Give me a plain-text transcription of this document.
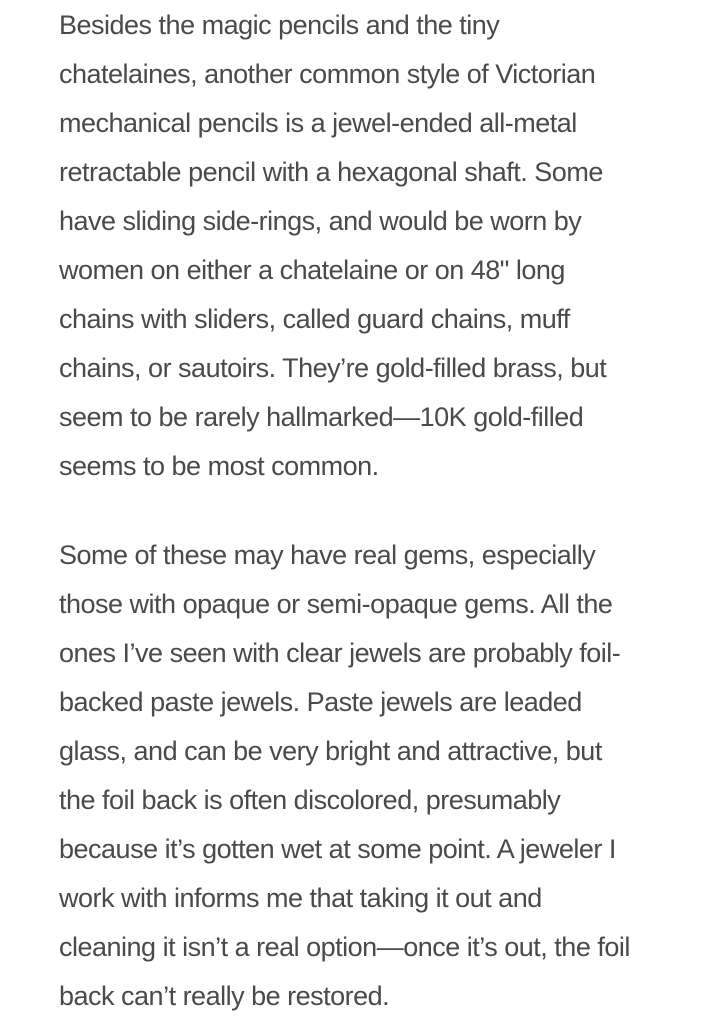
Besides the magic pencils and the tiny
chatelaines, another common style of Victorian
mechanical pencils is a jewel-ended all-metal
retractable pencil with a hexagonal shaft. Some
have sliding side-rings, and would be worn by
women on either a chatelaine or on 48" long
chains with sliders, called guard chains, muff
chains, or sautoirs. They’re gold-filled brass, but
seem to be rarely hallmarked—10K gold-filled
seems to be most common.

Some of these may have real gems, especially
those with opaque or semi-opaque gems. All the
ones I’ve seen with clear jewels are probably foil-
backed paste jewels. Paste jewels are leaded
glass, and can be very bright and attractive, but
the foil back is often discolored, presumably
because it’s gotten wet at some point. A jeweler I
work with informs me that taking it out and
cleaning it isn’t a real option—once it’s out, the foil
back can’t really be restored.
